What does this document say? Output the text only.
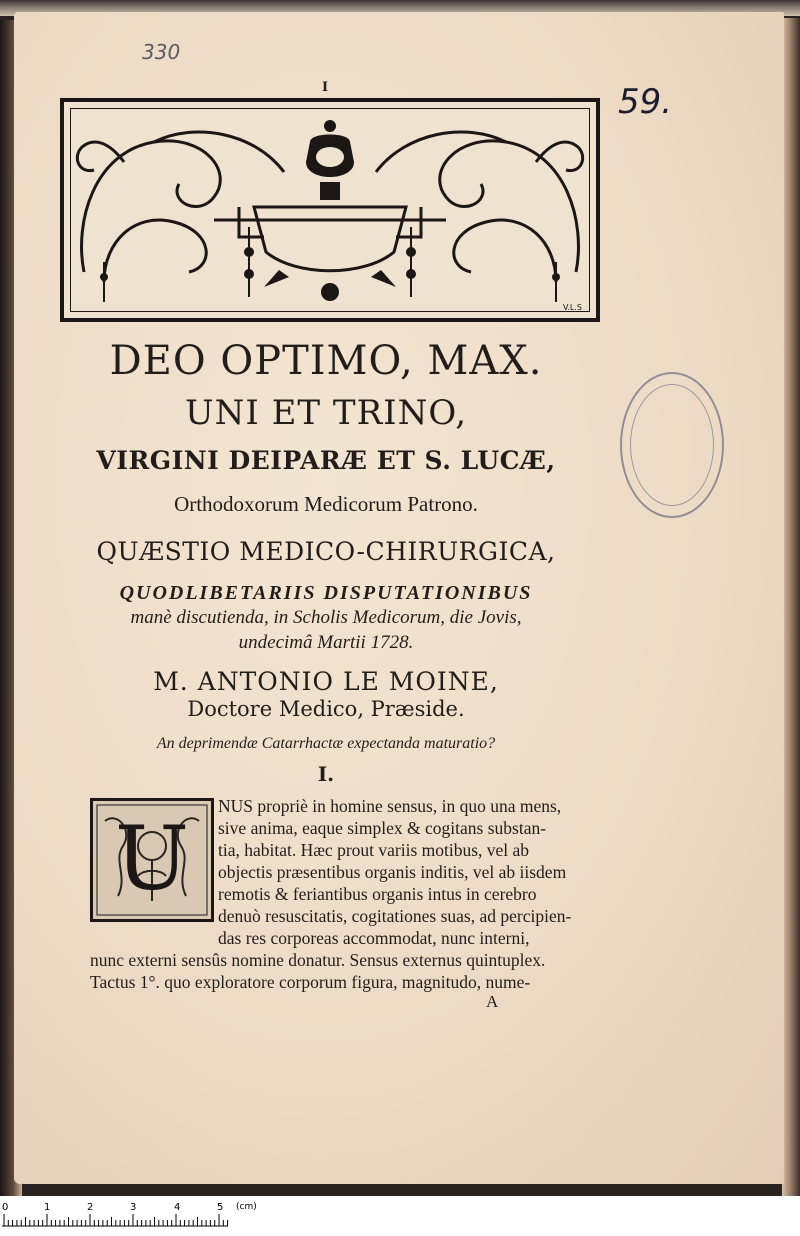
330
59.
I
V.L.S
DEO OPTIMO, MAX.
UNI ET TRINO,
VIRGINI DEIPARÆ ET S. LUCÆ,
Orthodoxorum Medicorum Patrono.
QUÆSTIO MEDICO-CHIRURGICA,
QUODLIBETARIIS DISPUTATIONIBUS
manè discutienda, in Scholis Medicorum, die Jovis,
undecimâ Martii 1728.
M. ANTONIO LE MOINE,
Doctore Medico, Præside.
An deprimendæ Catarrhactæ expectanda maturatio?
I.
U
NUS propriè in homine sensus, in quo una mens,
sive anima, eaque simplex & cogitans substan-
tia, habitat. Hæc prout variis motibus, vel ab
objectis præsentibus organis inditis, vel ab iisdem
remotis & feriantibus organis intus in cerebro
denuò resuscitatis, cogitationes suas, ad percipien-
das res corporeas accommodat, nunc interni,
nunc externi sensûs nomine donatur. Sensus externus quintuplex.
Tactus 1°. quo exploratore corporum figura, magnitudo, nume-
A
0	1	2	3	4	5 (cm)
